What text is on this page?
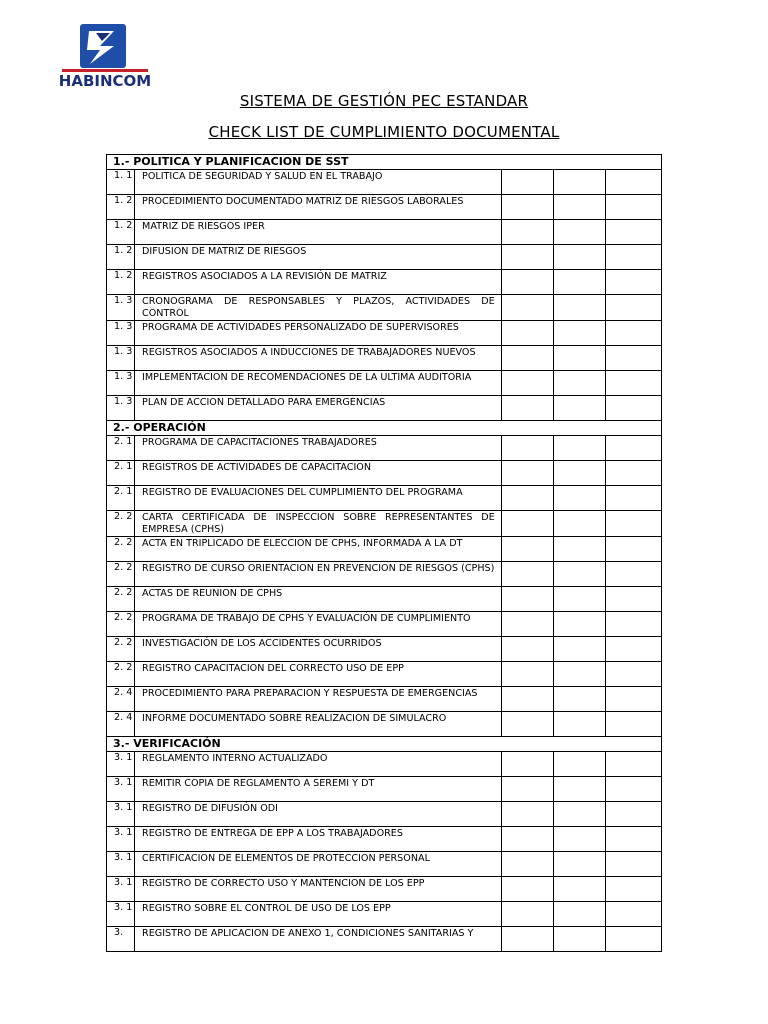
HABINCOM
SISTEMA DE GESTIÓN PEC ESTANDAR
CHECK LIST DE CUMPLIMIENTO DOCUMENTAL
1.- POLITICA Y PLANIFICACION DE SST				
1. 1	POLITICA DE SEGURIDAD Y SALUD EN EL TRABAJO			
1. 2	PROCEDIMIENTO DOCUMENTADO MATRIZ DE RIESGOS LABORALES			
1. 2	MATRIZ DE RIESGOS IPER			
1. 2	DIFUSION DE MATRIZ DE RIESGOS			
1. 2	REGISTROS ASOCIADOS A LA REVISIÓN DE MATRIZ			
1. 3	CRONOGRAMA DE RESPONSABLES Y PLAZOS, ACTIVIDADES DE CONTROL			
1. 3	PROGRAMA DE ACTIVIDADES PERSONALIZADO DE SUPERVISORES			
1. 3	REGISTROS ASOCIADOS A INDUCCIONES DE TRABAJADORES NUEVOS			
1. 3	IMPLEMENTACION DE RECOMENDACIONES DE LA ULTIMA AUDITORIA			
1. 3	PLAN DE ACCION DETALLADO PARA EMERGENCIAS			
2.- OPERACIÓN				
2. 1	PROGRAMA DE CAPACITACIONES TRABAJADORES			
2. 1	REGISTROS DE ACTIVIDADES DE CAPACITACION			
2. 1	REGISTRO DE EVALUACIONES DEL CUMPLIMIENTO DEL PROGRAMA			
2. 2	CARTA CERTIFICADA DE INSPECCION SOBRE REPRESENTANTES DE EMPRESA (CPHS)			
2. 2	ACTA EN TRIPLICADO DE ELECCION DE CPHS, INFORMADA A LA DT			
2. 2	REGISTRO DE CURSO ORIENTACION EN PREVENCION DE RIESGOS (CPHS)			
2. 2	ACTAS DE REUNION DE CPHS			
2. 2	PROGRAMA DE TRABAJO DE CPHS Y EVALUACIÓN DE CUMPLIMIENTO			
2. 2	INVESTIGACIÓN DE LOS ACCIDENTES OCURRIDOS			
2. 2	REGISTRO CAPACITACION DEL CORRECTO USO DE EPP			
2. 4	PROCEDIMIENTO PARA PREPARACION Y RESPUESTA DE EMERGENCIAS			
2. 4	INFORME DOCUMENTADO SOBRE REALIZACION DE SIMULACRO			
3.- VERIFICACIÓN				
3. 1	REGLAMENTO INTERNO ACTUALIZADO			
3. 1	REMITIR COPIA DE REGLAMENTO A SEREMI Y DT			
3. 1	REGISTRO DE DIFUSIÓN ODI			
3. 1	REGISTRO DE ENTREGA DE EPP A LOS TRABAJADORES			
3. 1	CERTIFICACION DE ELEMENTOS DE PROTECCION PERSONAL			
3. 1	REGISTRO DE CORRECTO USO Y MANTENCION DE LOS EPP			
3. 1	REGISTRO SOBRE EL CONTROL DE USO DE LOS EPP			
3.	REGISTRO DE APLICACION DE ANEXO 1, CONDICIONES SANITARIAS Y			
